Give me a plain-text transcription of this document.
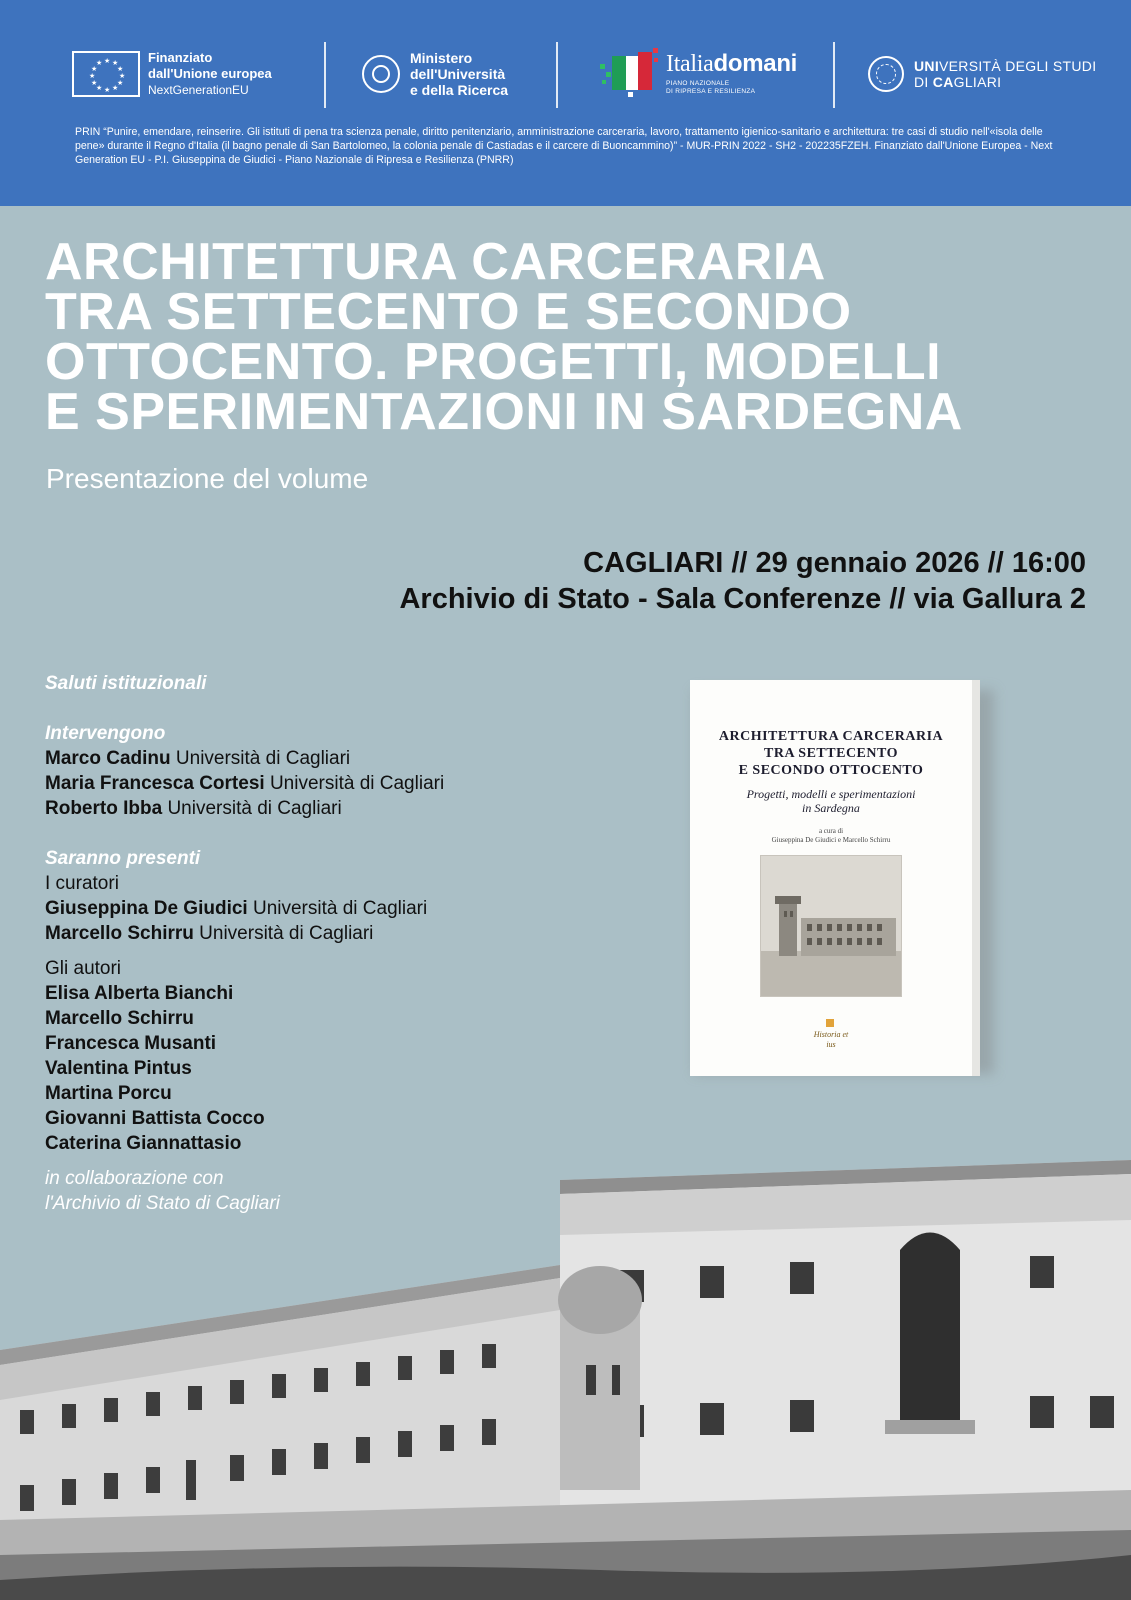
★ ★
★
★
★
★
★
★
★
★
★
★	Finanziato
dall'Unione europea
NextGenerationEU
Ministero
dell'Università
e della Ricerca
Italiadomani
PIANO NAZIONALE
DI RIPRESA E RESILIENZA
UNIVERSITÀ DEGLI STUDI
DI CAGLIARI
PRIN “Punire, emendare, reinserire. Gli istituti di pena tra scienza penale, diritto penitenziario, amministrazione carceraria, lavoro, trattamento igienico-sanitario e architettura: tre casi di studio nell'«isola delle pene» durante il Regno d'Italia (il bagno penale di San Bartolomeo, la colonia penale di Castiadas e il carcere di Buoncammino)” - MUR-PRIN 2022 - SH2 - 202235FZEH. Finanziato dall'Unione Europea - Next Generation EU - P.I. Giuseppina de Giudici - Piano Nazionale di Ripresa e Resilienza (PNRR)
ARCHITETTURA CARCERARIA
TRA SETTECENTO E SECONDO
OTTOCENTO. PROGETTI, MODELLI
E SPERIMENTAZIONI IN SARDEGNA
Presentazione del volume
CAGLIARI // 29 gennaio 2026 // 16:00
Archivio di Stato - Sala Conferenze // via Gallura 2
Saluti istituzionali
Intervengono
Marco Cadinu Università di Cagliari
Maria Francesca Cortesi Università di Cagliari
Roberto Ibba Università di Cagliari
Saranno presenti
I curatori
Giuseppina De Giudici Università di Cagliari
Marcello Schirru Università di Cagliari
Gli autori
Elisa Alberta Bianchi
Marcello Schirru
Francesca Musanti
Valentina Pintus
Martina Porcu
Giovanni Battista Cocco
Caterina Giannattasio
in collaborazione con
l'Archivio di Stato di Cagliari
ARCHITETTURA CARCERARIA
TRA SETTECENTO
E SECONDO OTTOCENTO
Progetti, modelli e sperimentazioni
in Sardegna
a cura di
Giuseppina De Giudici e Marcello Schirru

Historia et ius
